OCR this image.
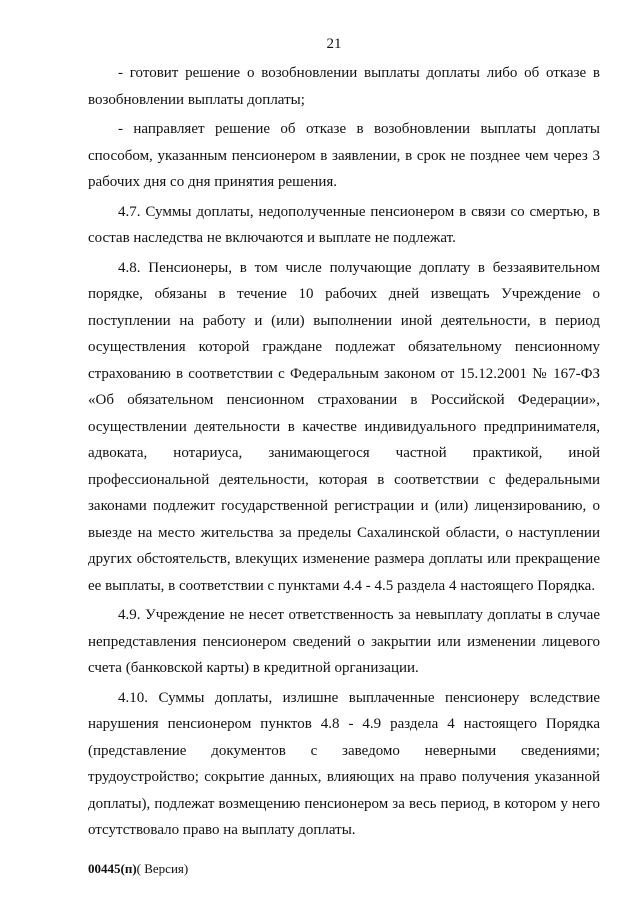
21

- готовит решение о возобновлении выплаты доплаты либо об отказе в возобновлении выплаты доплаты;

- направляет решение об отказе в возобновлении выплаты доплаты способом, указанным пенсионером в заявлении, в срок не позднее чем через 3 рабочих дня со дня принятия решения.

4.7. Суммы доплаты, недополученные пенсионером в связи со смертью, в состав наследства не включаются и выплате не подлежат.

4.8. Пенсионеры, в том числе получающие доплату в беззаявительном порядке, обязаны в течение 10 рабочих дней извещать Учреждение о поступлении на работу и (или) выполнении иной деятельности, в период осуществления которой граждане подлежат обязательному пенсионному страхованию в соответствии с Федеральным законом от 15.12.2001 № 167-ФЗ «Об обязательном пенсионном страховании в Российской Федерации», осуществлении деятельности в качестве индивидуального предпринимателя, адвоката, нотариуса, занимающегося частной практикой, иной профессиональной деятельности, которая в соответствии с федеральными законами подлежит государственной регистрации и (или) лицензированию, о выезде на место жительства за пределы Сахалинской области, о наступлении других обстоятельств, влекущих изменение размера доплаты или прекращение ее выплаты, в соответствии с пунктами 4.4 - 4.5 раздела 4 настоящего Порядка.

4.9. Учреждение не несет ответственность за невыплату доплаты в случае непредставления пенсионером сведений о закрытии или изменении лицевого счета (банковской карты) в кредитной организации.

4.10. Суммы доплаты, излишне выплаченные пенсионеру вследствие нарушения пенсионером пунктов 4.8 - 4.9 раздела 4 настоящего Порядка (представление документов с заведомо неверными сведениями; трудоустройство; сокрытие данных, влияющих на право получения указанной доплаты), подлежат возмещению пенсионером за весь период, в котором у него отсутствовало право на выплату доплаты.

00445(п)( Версия)
